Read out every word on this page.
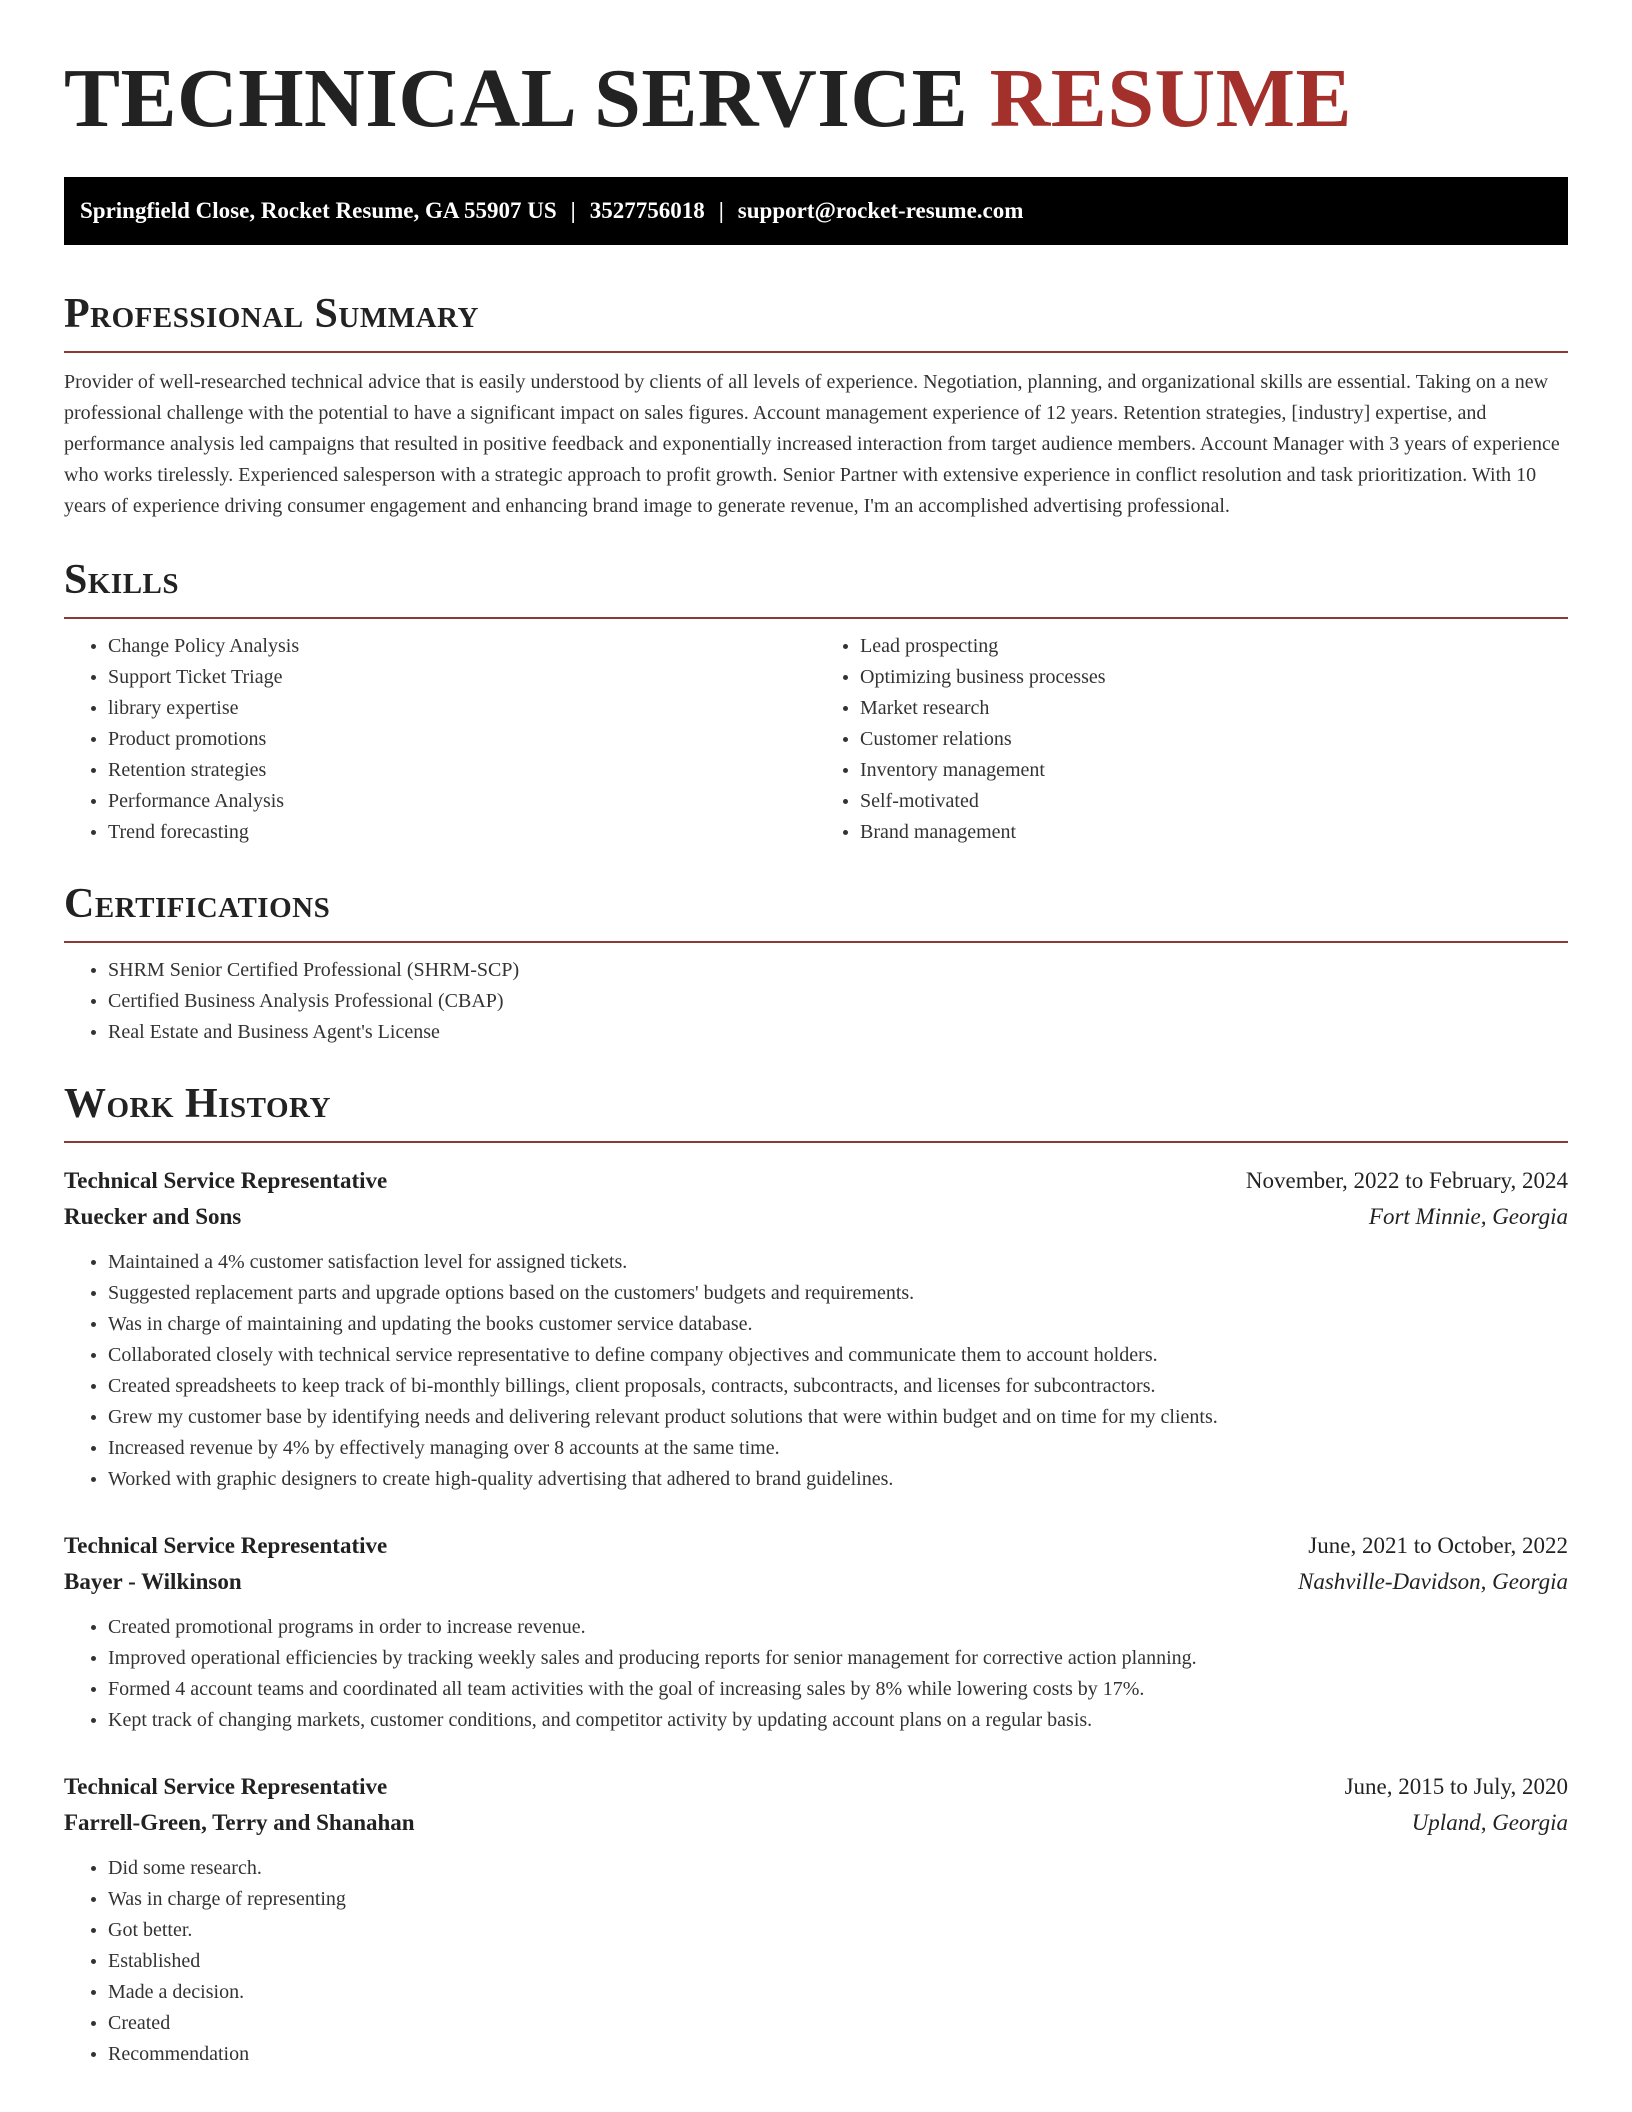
TECHNICAL SERVICE RESUME
Springfield Close, Rocket Resume, GA 55907 US | 3527756018 | support@rocket-resume.com
Professional Summary

Provider of well-researched technical advice that is easily understood by clients of all levels of experience. Negotiation, planning, and organizational skills are essential. Taking on a new professional challenge with the potential to have a significant impact on sales figures. Account management experience of 12 years. Retention strategies, [industry] expertise, and performance analysis led campaigns that resulted in positive feedback and exponentially increased interaction from target audience members. Account Manager with 3 years of experience who works tirelessly. Experienced salesperson with a strategic approach to profit growth. Senior Partner with extensive experience in conflict resolution and task prioritization. With 10 years of experience driving consumer engagement and enhancing brand image to generate revenue, I'm an accomplished advertising professional.

Skills
• Change Policy Analysis
• Support Ticket Triage
• library expertise
• Product promotions
• Retention strategies
• Performance Analysis
• Trend forecasting
• Lead prospecting
• Optimizing business processes
• Market research
• Customer relations
• Inventory management
• Self-motivated
• Brand management
Certifications
• SHRM Senior Certified Professional (SHRM-SCP)
• Certified Business Analysis Professional (CBAP)
• Real Estate and Business Agent's License
Work History
Technical Service Representative	November, 2022 to February, 2024
Ruecker and Sons	Fort Minnie, Georgia
• Maintained a 4% customer satisfaction level for assigned tickets.
• Suggested replacement parts and upgrade options based on the customers' budgets and requirements.
• Was in charge of maintaining and updating the books customer service database.
• Collaborated closely with technical service representative to define company objectives and communicate them to account holders.
• Created spreadsheets to keep track of bi-monthly billings, client proposals, contracts, subcontracts, and licenses for subcontractors.
• Grew my customer base by identifying needs and delivering relevant product solutions that were within budget and on time for my clients.
• Increased revenue by 4% by effectively managing over 8 accounts at the same time.
• Worked with graphic designers to create high-quality advertising that adhered to brand guidelines.
Technical Service Representative	June, 2021 to October, 2022
Bayer - Wilkinson	Nashville-Davidson, Georgia
• Created promotional programs in order to increase revenue.
• Improved operational efficiencies by tracking weekly sales and producing reports for senior management for corrective action planning.
• Formed 4 account teams and coordinated all team activities with the goal of increasing sales by 8% while lowering costs by 17%.
• Kept track of changing markets, customer conditions, and competitor activity by updating account plans on a regular basis.
Technical Service Representative	June, 2015 to July, 2020
Farrell-Green, Terry and Shanahan	Upland, Georgia
• Did some research.
• Was in charge of representing
• Got better.
• Established
• Made a decision.
• Created
• Recommendation
